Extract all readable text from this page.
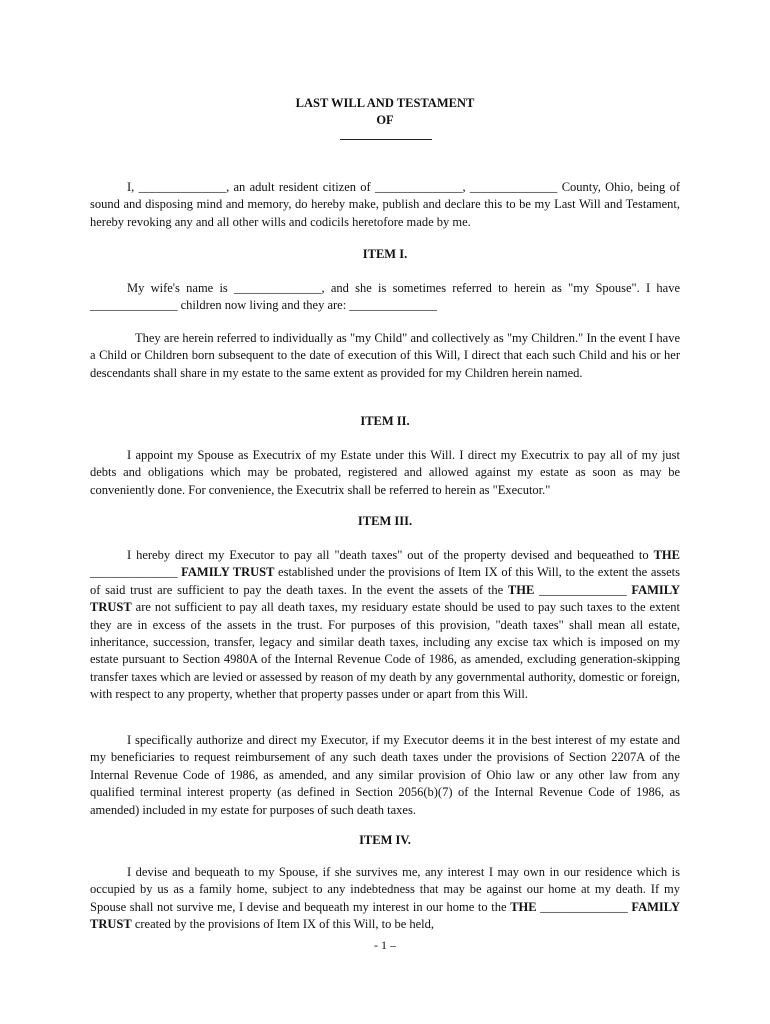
LAST WILL AND TESTAMENT
OF

I, ______________, an adult resident citizen of ______________, ______________ County, Ohio, being of sound and disposing mind and memory, do hereby make, publish and declare this to be my Last Will and Testament, hereby revoking any and all other wills and codicils heretofore made by me.

ITEM I.

My wife's name is ______________, and she is sometimes referred to herein as "my Spouse". I have ______________ children now living and they are: ______________

They are herein referred to individually as "my Child" and collectively as "my Children." In the event I have a Child or Children born subsequent to the date of execution of this Will, I direct that each such Child and his or her descendants shall share in my estate to the same extent as provided for my Children herein named.

ITEM II.

I appoint my Spouse as Executrix of my Estate under this Will. I direct my Executrix to pay all of my just debts and obligations which may be probated, registered and allowed against my estate as soon as may be conveniently done. For convenience, the Executrix shall be referred to herein as "Executor."

ITEM III.

I hereby direct my Executor to pay all "death taxes" out of the property devised and bequeathed to THE ______________ FAMILY TRUST established under the provisions of Item IX of this Will, to the extent the assets of said trust are sufficient to pay the death taxes. In the event the assets of the THE ______________ FAMILY TRUST are not sufficient to pay all death taxes, my residuary estate should be used to pay such taxes to the extent they are in excess of the assets in the trust. For purposes of this provision, "death taxes" shall mean all estate, inheritance, succession, transfer, legacy and similar death taxes, including any excise tax which is imposed on my estate pursuant to Section 4980A of the Internal Revenue Code of 1986, as amended, excluding generation-skipping transfer taxes which are levied or assessed by reason of my death by any governmental authority, domestic or foreign, with respect to any property, whether that property passes under or apart from this Will.

I specifically authorize and direct my Executor, if my Executor deems it in the best interest of my estate and my beneficiaries to request reimbursement of any such death taxes under the provisions of Section 2207A of the Internal Revenue Code of 1986, as amended, and any similar provision of Ohio law or any other law from any qualified terminal interest property (as defined in Section 2056(b)(7) of the Internal Revenue Code of 1986, as amended) included in my estate for purposes of such death taxes.

ITEM IV.

I devise and bequeath to my Spouse, if she survives me, any interest I may own in our residence which is occupied by us as a family home, subject to any indebtedness that may be against our home at my death. If my Spouse shall not survive me, I devise and bequeath my interest in our home to the THE ______________ FAMILY TRUST created by the provisions of Item IX of this Will, to be held,

- 1 –
